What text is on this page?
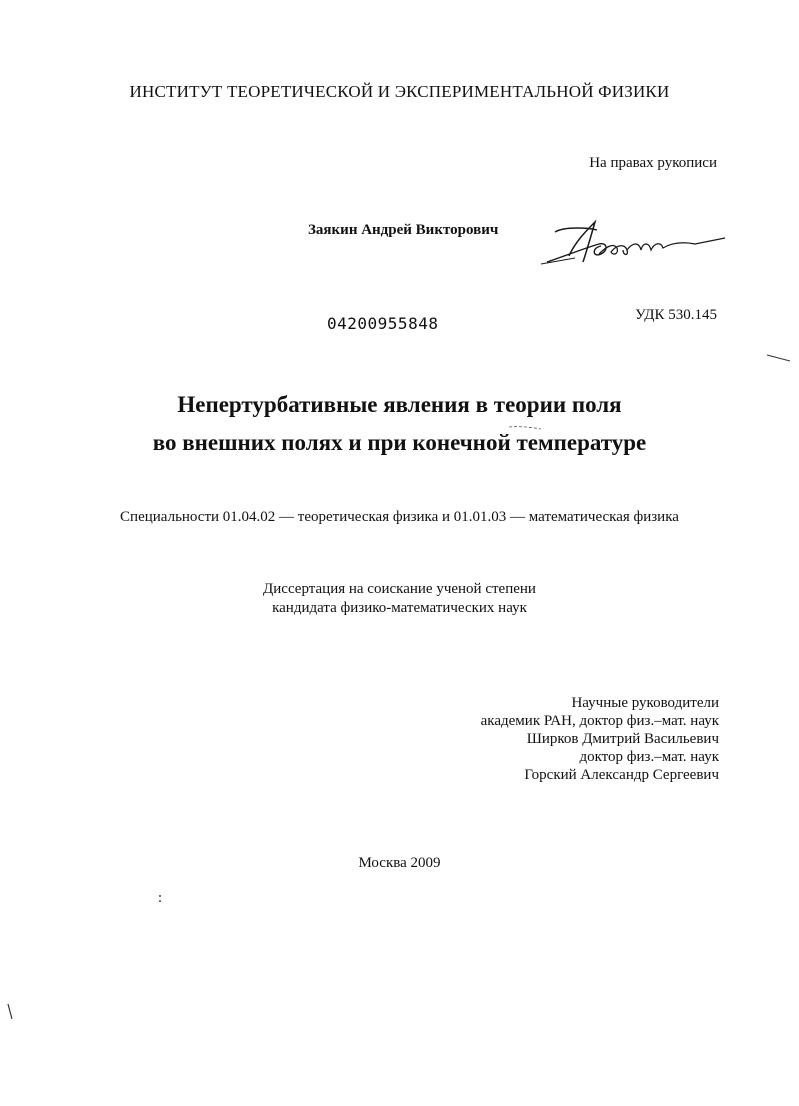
ИНСТИТУТ ТЕОРЕТИЧЕСКОЙ И ЭКСПЕРИМЕНТАЛЬНОЙ ФИЗИКИ
На правах рукописи
Заякин Андрей Викторович
04200955848	УДК 530.145
Непертурбативные явления в теории поля
во внешних полях и при конечной температуре
Специальности 01.04.02 — теоретическая физика и 01.01.03 — математическая физика
Диссертация на соискание ученой степени
кандидата физико-математических наук
Научные руководители
академик РАН, доктор физ.–мат. наук
Ширков Дмитрий Васильевич
доктор физ.–мат. наук
Горский Александр Сергеевич
Москва 2009
